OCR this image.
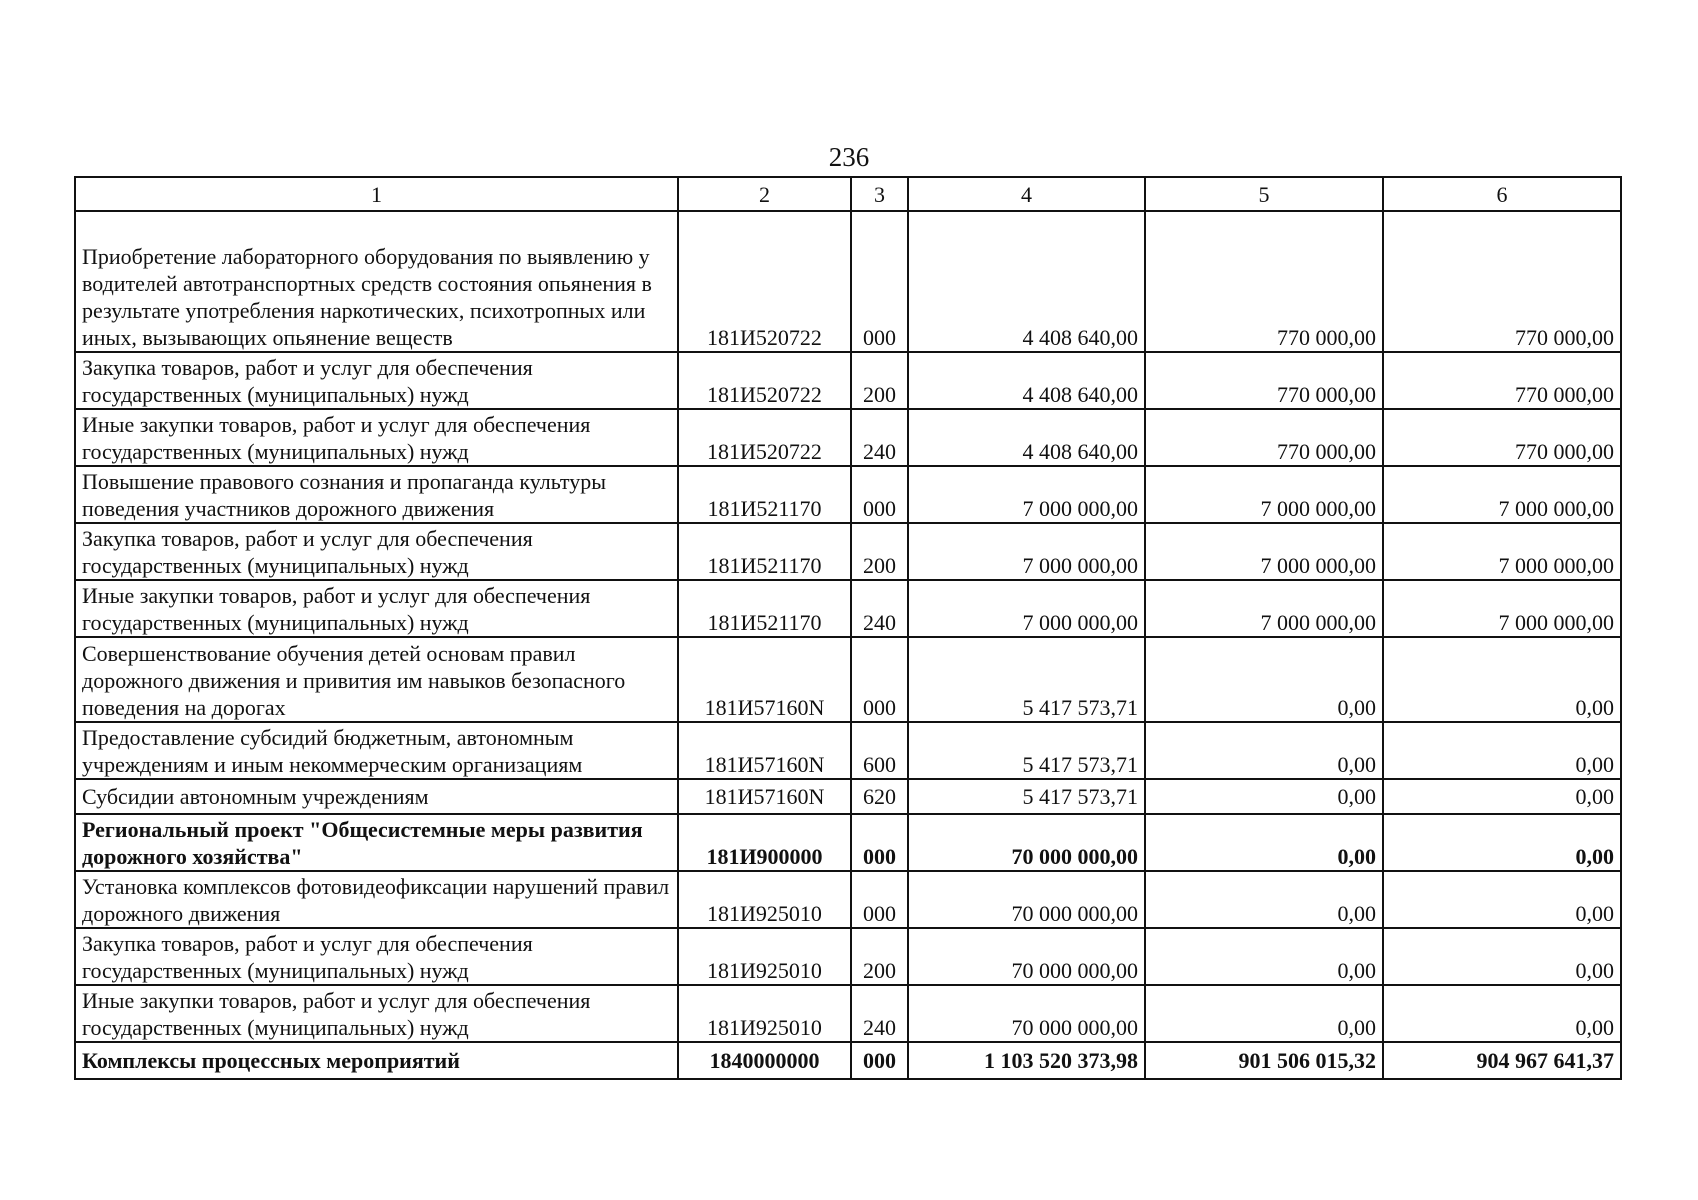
236
1	2	3	4	5	6
Приобретение лабораторного оборудования по выявлению у водителей автотранспортных средств состояния опьянения в результате употребления наркотических, психотропных или иных, вызывающих опьянение веществ	181И520722	000	4 408 640,00	770 000,00	770 000,00
Закупка товаров, работ и услуг для обеспечения государственных (муниципальных) нужд	181И520722	200	4 408 640,00	770 000,00	770 000,00
Иные закупки товаров, работ и услуг для обеспечения государственных (муниципальных) нужд	181И520722	240	4 408 640,00	770 000,00	770 000,00
Повышение правового сознания и пропаганда культуры поведения участников дорожного движения	181И521170	000	7 000 000,00	7 000 000,00	7 000 000,00
Закупка товаров, работ и услуг для обеспечения государственных (муниципальных) нужд	181И521170	200	7 000 000,00	7 000 000,00	7 000 000,00
Иные закупки товаров, работ и услуг для обеспечения государственных (муниципальных) нужд	181И521170	240	7 000 000,00	7 000 000,00	7 000 000,00
Совершенствование обучения детей основам правил дорожного движения и привития им навыков безопасного поведения на дорогах	181И57160N	000	5 417 573,71	0,00	0,00
Предоставление субсидий бюджетным, автономным учреждениям и иным некоммерческим организациям	181И57160N	600	5 417 573,71	0,00	0,00
Субсидии автономным учреждениям	181И57160N	620	5 417 573,71	0,00	0,00
Региональный проект "Общесистемные меры развития дорожного хозяйства"	181И900000	000	70 000 000,00	0,00	0,00
Установка комплексов фотовидеофиксации нарушений правил дорожного движения	181И925010	000	70 000 000,00	0,00	0,00
Закупка товаров, работ и услуг для обеспечения государственных (муниципальных) нужд	181И925010	200	70 000 000,00	0,00	0,00
Иные закупки товаров, работ и услуг для обеспечения государственных (муниципальных) нужд	181И925010	240	70 000 000,00	0,00	0,00
Комплексы процессных мероприятий	1840000000	000	1 103 520 373,98	901 506 015,32	904 967 641,37
